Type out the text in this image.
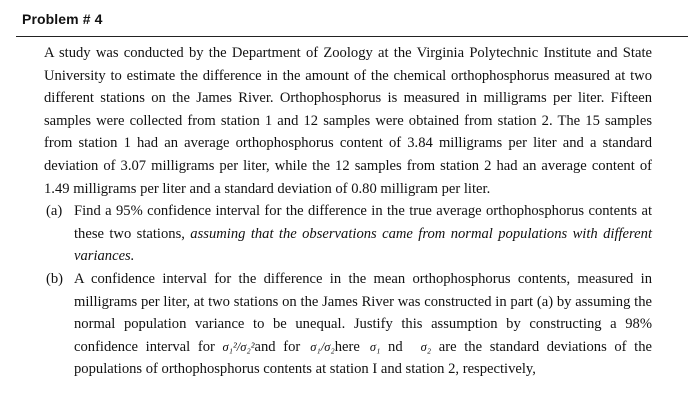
Problem # 4

A study was conducted by the Department of Zoology at the Virginia Polytechnic Institute and State University to estimate the difference in the amount of the chemical orthophosphorus measured at two different stations on the James River. Orthophosphorus is measured in milligrams per liter. Fifteen samples were collected from station 1 and 12 samples were obtained from station 2. The 15 samples from station 1 had an average orthophosphorus content of 3.84 milligrams per liter and a standard deviation of 3.07 milligrams per liter, while the 12 samples from station 2 had an average content of 1.49 milligrams per liter and a standard deviation of 0.80 milligram per liter.

(a) Find a 95% confidence interval for the difference in the true average orthophosphorus contents at these two stations, assuming that the observations came from normal populations with different variances.

(b) A confidence interval for the difference in the mean orthophosphorus contents, measured in milligrams per liter, at two stations on the James River was constructed in part (a) by assuming the normal population variance to be unequal. Justify this assumption by constructing a 98% confidence interval for σ₁²/σ₂²and for σ₁/σ₂here σ₁ nd σ₂ are the standard deviations of the populations of orthophosphorus contents at station I and station 2, respectively,
